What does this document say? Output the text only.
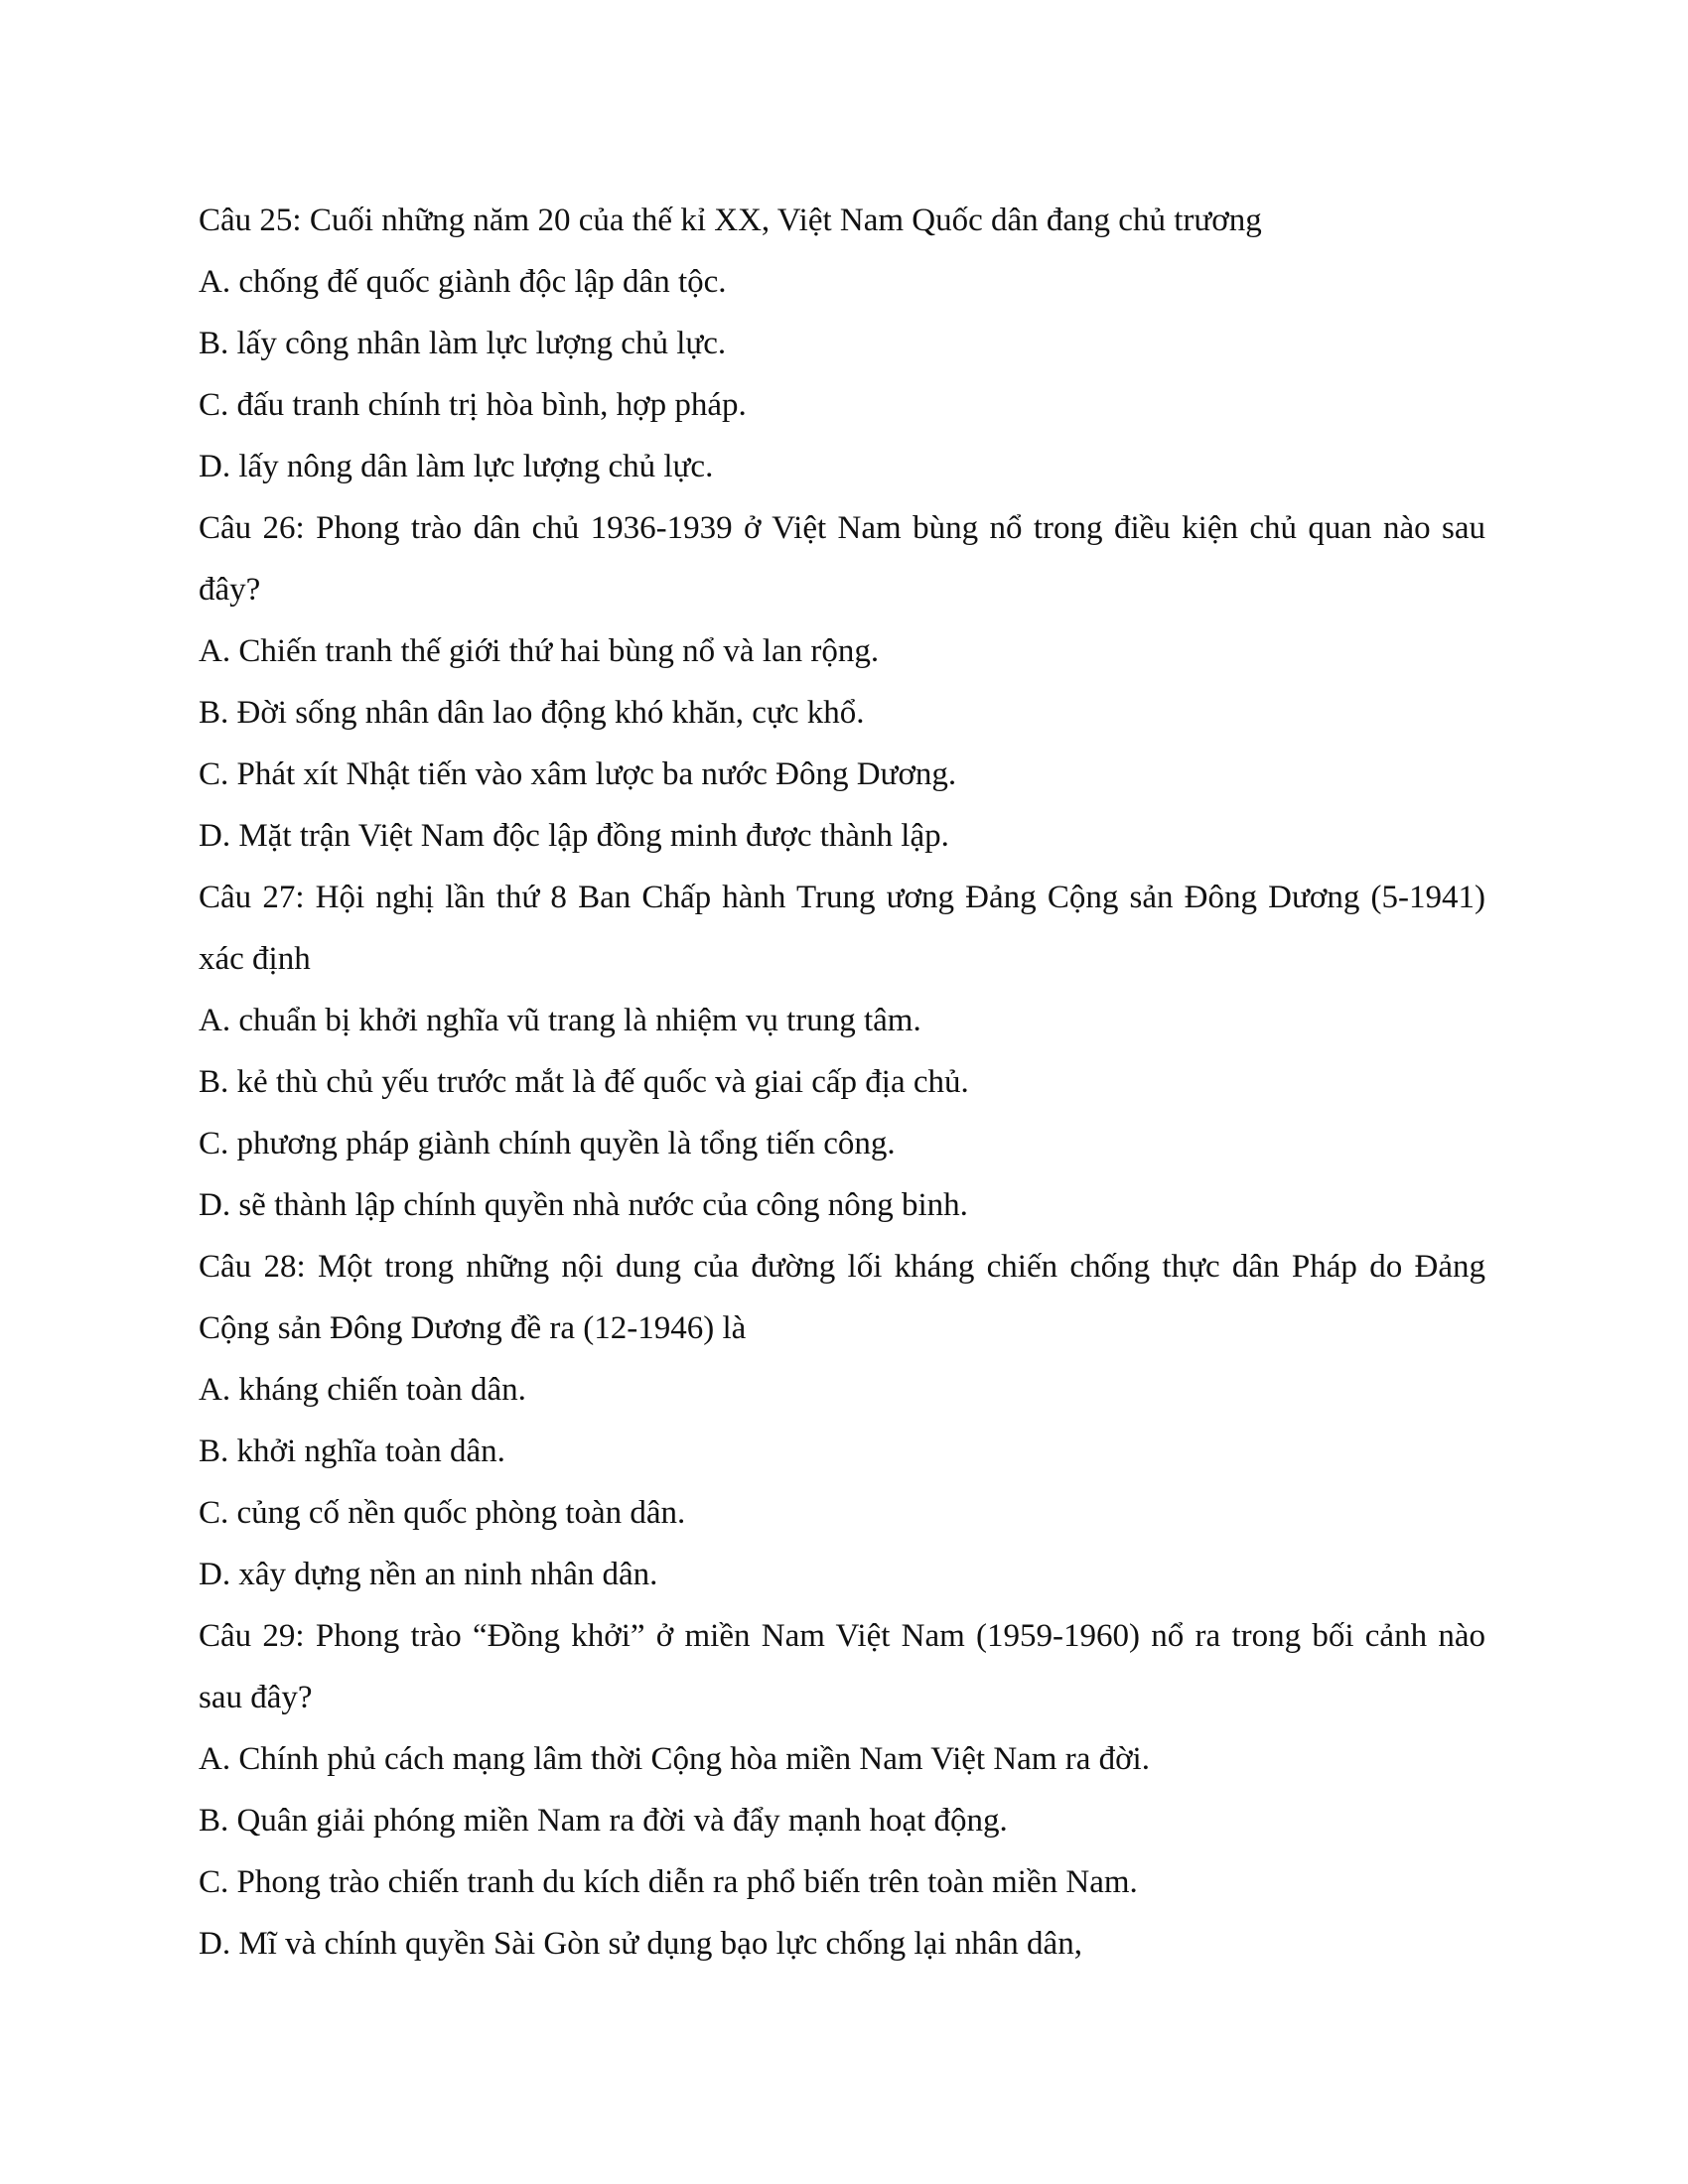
Câu 25: Cuối những năm 20 của thế kỉ XX, Việt Nam Quốc dân đang chủ trương

A. chống đế quốc giành độc lập dân tộc.
B. lấy công nhân làm lực lượng chủ lực.
C. đấu tranh chính trị hòa bình, hợp pháp.
D. lấy nông dân làm lực lượng chủ lực.

Câu 26: Phong trào dân chủ 1936-1939 ở Việt Nam bùng nổ trong điều kiện chủ quan nào sau đây?

A. Chiến tranh thế giới thứ hai bùng nổ và lan rộng.
B. Đời sống nhân dân lao động khó khăn, cực khổ.
C. Phát xít Nhật tiến vào xâm lược ba nước Đông Dương.
D. Mặt trận Việt Nam độc lập đồng minh được thành lập.

Câu 27: Hội nghị lần thứ 8 Ban Chấp hành Trung ương Đảng Cộng sản Đông Dương (5-1941) xác định

A. chuẩn bị khởi nghĩa vũ trang là nhiệm vụ trung tâm.
B. kẻ thù chủ yếu trước mắt là đế quốc và giai cấp địa chủ.
C. phương pháp giành chính quyền là tổng tiến công.
D. sẽ thành lập chính quyền nhà nước của công nông binh.

Câu 28: Một trong những nội dung của đường lối kháng chiến chống thực dân Pháp do Đảng Cộng sản Đông Dương đề ra (12-1946) là

A. kháng chiến toàn dân.
B. khởi nghĩa toàn dân.
C. củng cố nền quốc phòng toàn dân.
D. xây dựng nền an ninh nhân dân.

Câu 29: Phong trào “Đồng khởi” ở miền Nam Việt Nam (1959-1960) nổ ra trong bối cảnh nào sau đây?

A. Chính phủ cách mạng lâm thời Cộng hòa miền Nam Việt Nam ra đời.
B. Quân giải phóng miền Nam ra đời và đẩy mạnh hoạt động.
C. Phong trào chiến tranh du kích diễn ra phổ biến trên toàn miền Nam.
D. Mĩ và chính quyền Sài Gòn sử dụng bạo lực chống lại nhân dân,
